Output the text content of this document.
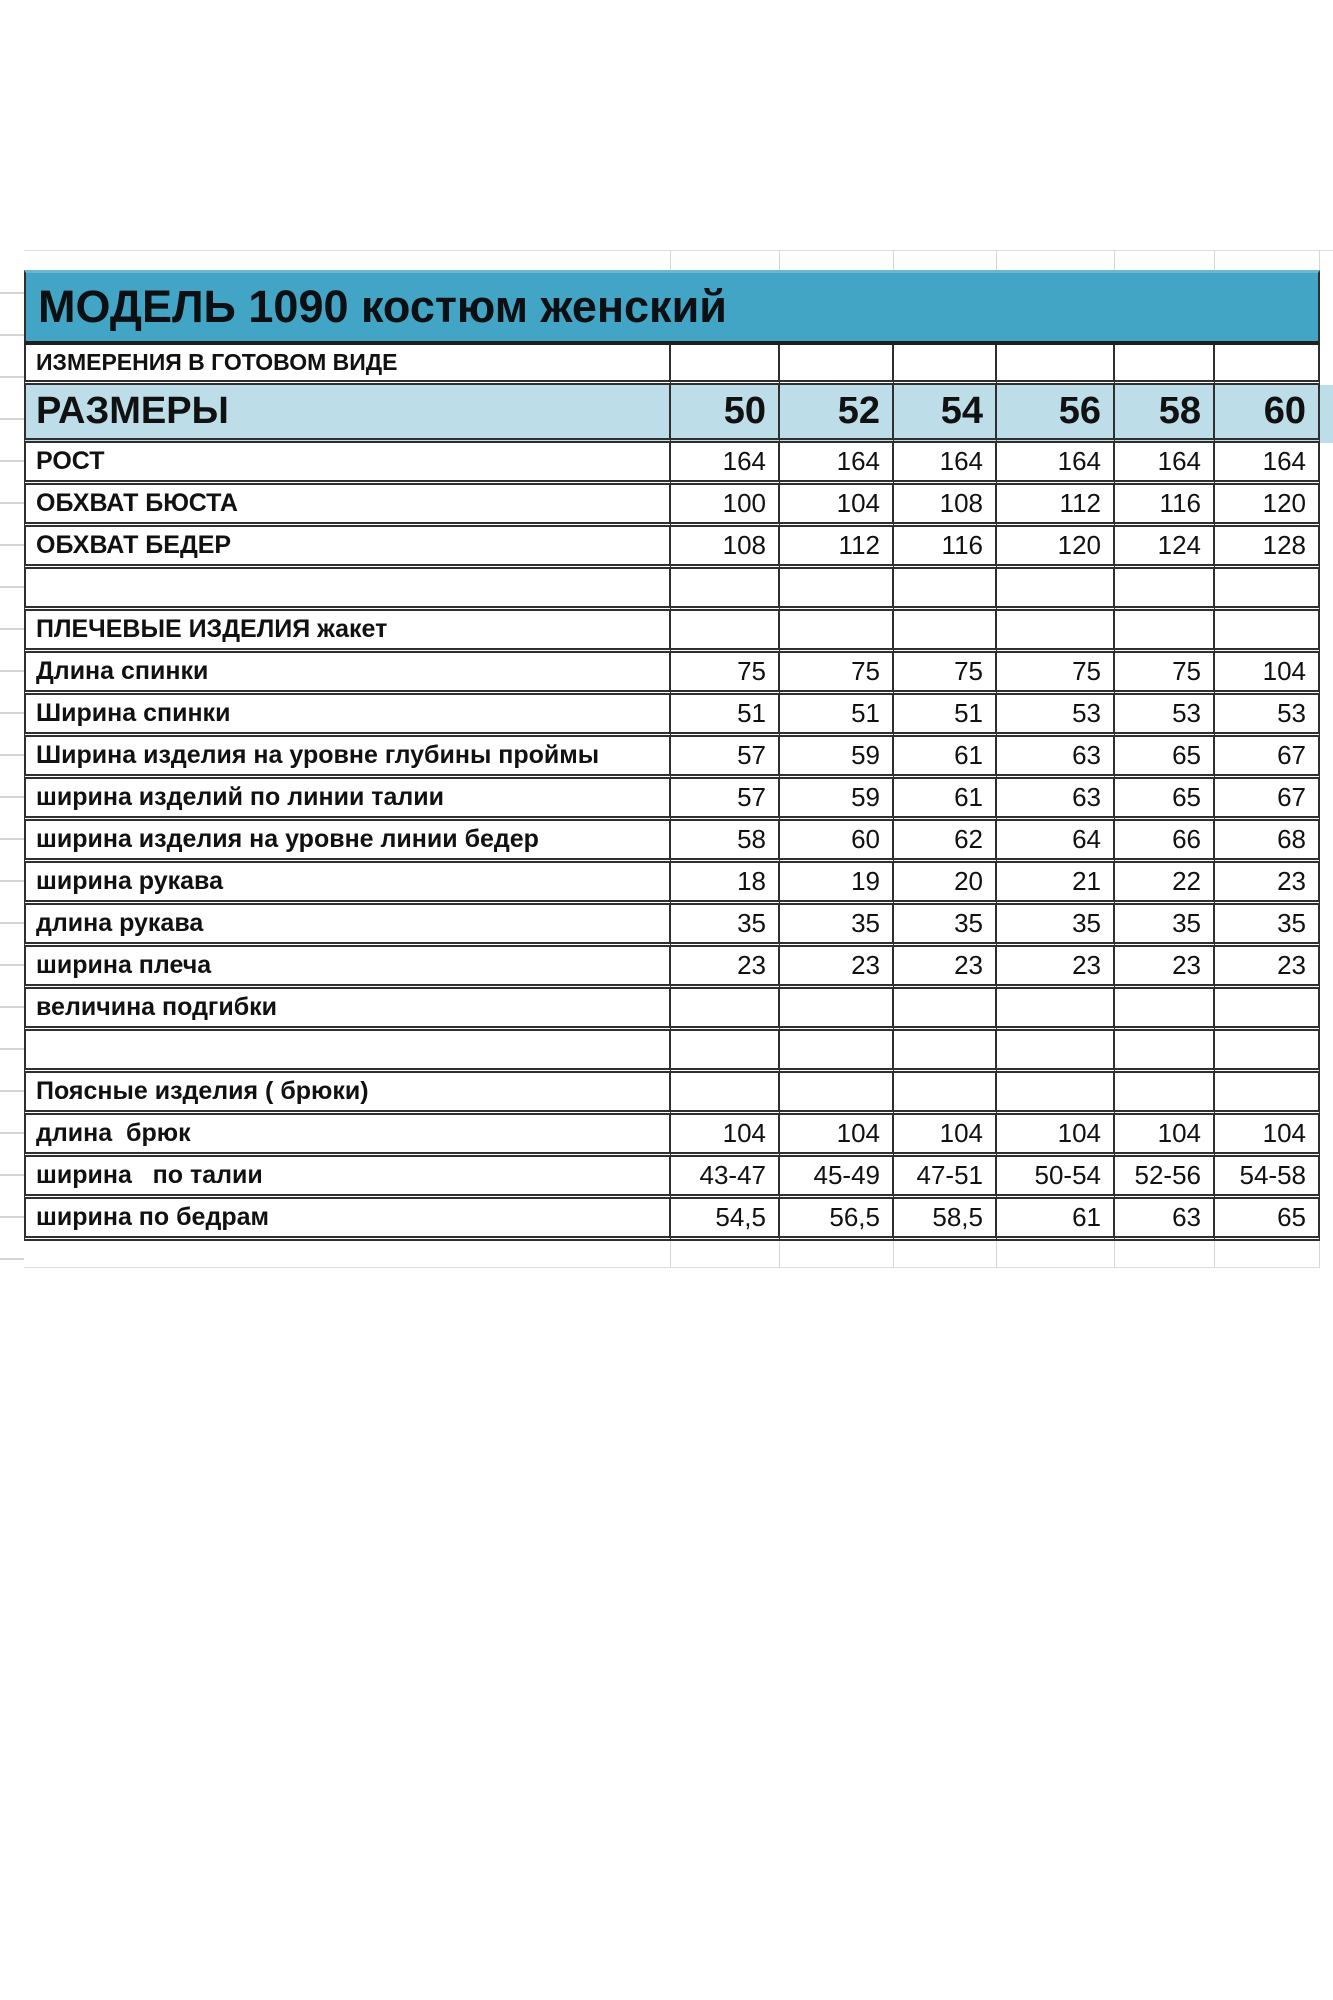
МОДЕЛЬ 1090 костюм женский
ИЗМЕРЕНИЯ В ГОТОВОМ ВИДЕ
РАЗМЕРЫ	50	52	54	56	58	60
РОСТ	164	164	164	164	164	164
ОБХВАТ БЮСТА	100	104	108	112	116	120
ОБХВАТ БЕДЕР	108	112	116	120	124	128
ПЛЕЧЕВЫЕ ИЗДЕЛИЯ жакет
Длина спинки	75	75	75	75	75	104
Ширина спинки	51	51	51	53	53	53
Ширина изделия на уровне глубины проймы	57	59	61	63	65	67
ширина изделий по линии талии	57	59	61	63	65	67
ширина изделия на уровне линии бедер	58	60	62	64	66	68
ширина рукава	18	19	20	21	22	23
длина рукава	35	35	35	35	35	35
ширина плеча	23	23	23	23	23	23
величина подгибки
Поясные изделия ( брюки)
длина  брюк	104	104	104	104	104	104
ширина   по талии	43-47	45-49	47-51	50-54	52-56	54-58
ширина по бедрам	54,5	56,5	58,5	61	63	65
